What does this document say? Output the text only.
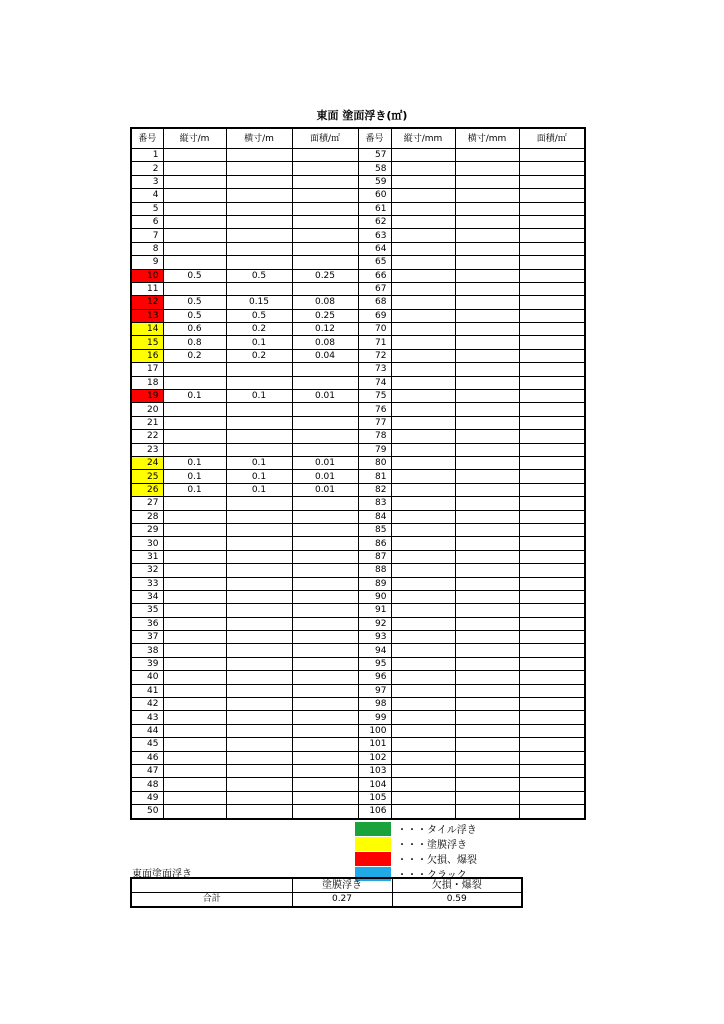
東面 塗面浮き(㎡)
番号	縦寸/m	横寸/m	面積/㎡	番号	縦寸/mm	横寸/mm	面積/㎡
1				57			
2				58			
3				59			
4				60			
5				61			
6				62			
7				63			
8				64			
9				65			
10	0.5	0.5	0.25	66			
11				67			
12	0.5	0.15	0.08	68			
13	0.5	0.5	0.25	69			
14	0.6	0.2	0.12	70			
15	0.8	0.1	0.08	71			
16	0.2	0.2	0.04	72			
17				73			
18				74			
19	0.1	0.1	0.01	75			
20				76			
21				77			
22				78			
23				79			
24	0.1	0.1	0.01	80			
25	0.1	0.1	0.01	81			
26	0.1	0.1	0.01	82			
27				83			
28				84			
29				85			
30				86			
31				87			
32				88			
33				89			
34				90			
35				91			
36				92			
37				93			
38				94			
39				95			
40				96			
41				97			
42				98			
43				99			
44				100			
45				101			
46				102			
47				103			
48				104			
49				105			
50				106			
・・・タイル浮き
・・・塗膜浮き
・・・欠損、爆裂
・・・クラック
東面塗面浮き
	塗膜浮き	欠損・爆裂
合計	0.27	0.59
